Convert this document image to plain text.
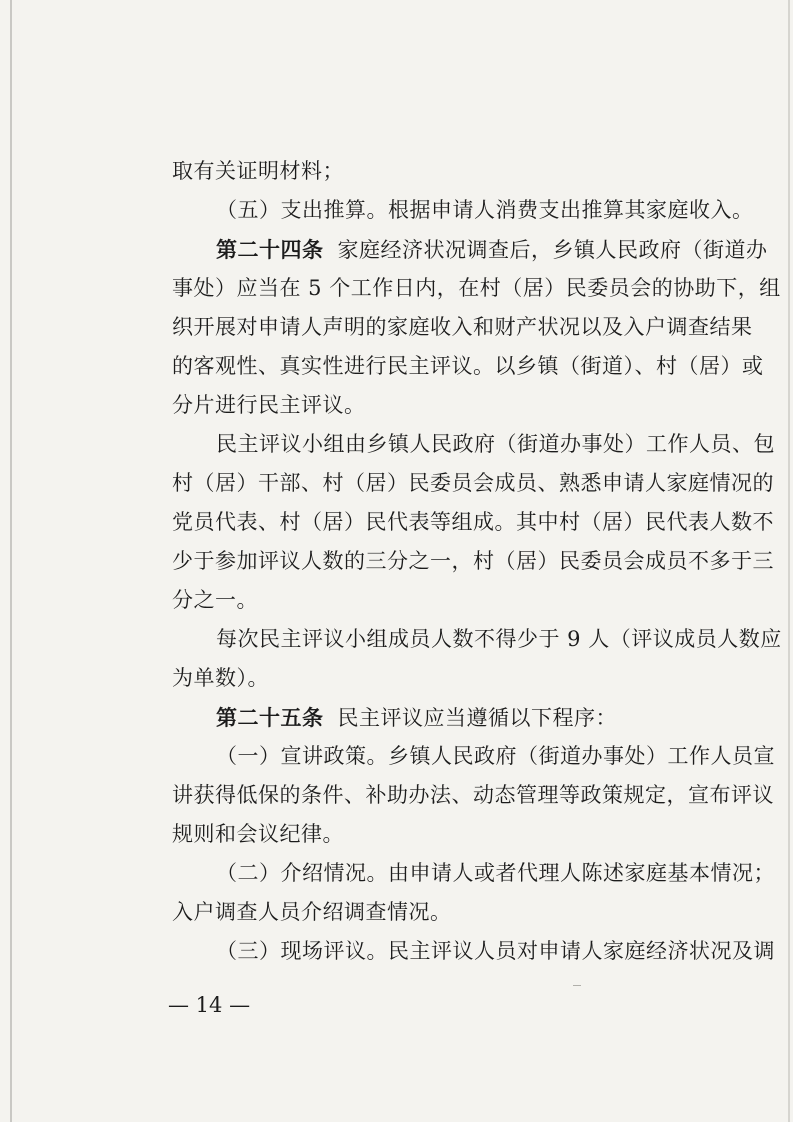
取有关证明材料；
（五）支出推算。根据申请人消费支出推算其家庭收入。
第二十四条 家庭经济状况调查后，乡镇人民政府（街道办
事处）应当在 5 个工作日内，在村（居）民委员会的协助下，组
织开展对申请人声明的家庭收入和财产状况以及入户调查结果
的客观性、真实性进行民主评议。以乡镇（街道）、村（居）或
分片进行民主评议。
民主评议小组由乡镇人民政府（街道办事处）工作人员、包
村（居）干部、村（居）民委员会成员、熟悉申请人家庭情况的
党员代表、村（居）民代表等组成。其中村（居）民代表人数不
少于参加评议人数的三分之一，村（居）民委员会成员不多于三
分之一。
每次民主评议小组成员人数不得少于 9 人（评议成员人数应
为单数）。
第二十五条 民主评议应当遵循以下程序：
（一）宣讲政策。乡镇人民政府（街道办事处）工作人员宣
讲获得低保的条件、补助办法、动态管理等政策规定，宣布评议
规则和会议纪律。
（二）介绍情况。由申请人或者代理人陈述家庭基本情况；
入户调查人员介绍调查情况。
（三）现场评议。民主评议人员对申请人家庭经济状况及调
— 14 —
